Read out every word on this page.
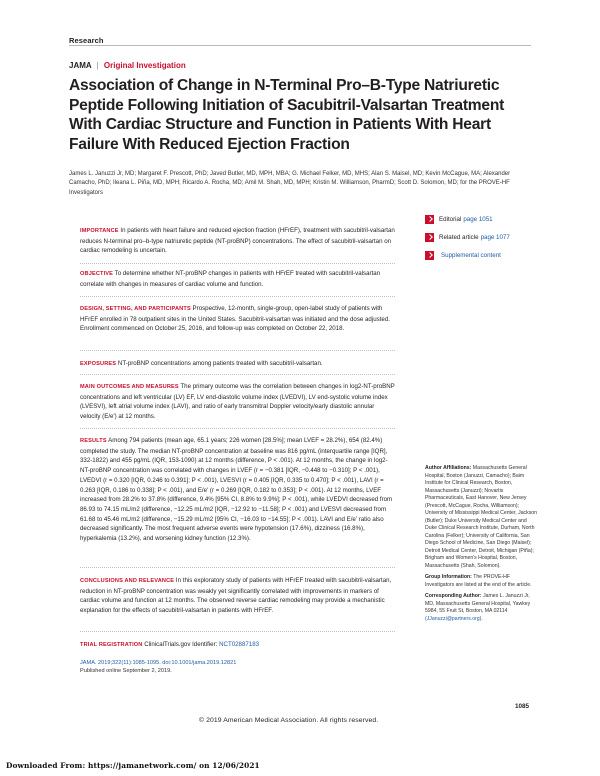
Research
JAMA | Original Investigation
Association of Change in N-Terminal Pro–B-Type Natriuretic Peptide Following Initiation of Sacubitril-Valsartan Treatment With Cardiac Structure and Function in Patients With Heart Failure With Reduced Ejection Fraction
James L. Januzzi Jr, MD; Margaret F. Prescott, PhD; Javed Butler, MD, MPH, MBA; G. Michael Felker, MD, MHS; Alan S. Maisel, MD; Kevin McCague, MA; Alexander Camacho, PhD; Ileana L. Piña, MD, MPH; Ricardo A. Rocha, MD; Amil M. Shah, MD, MPH; Kristin M. Williamson, PharmD; Scott D. Solomon, MD; for the PROVE-HF Investigators
Editorial page 1051
Related article page 1077
Supplemental content
IMPORTANCE In patients with heart failure and reduced ejection fraction (HFrEF), treatment with sacubitril-valsartan reduces N-terminal pro–b-type natriuretic peptide (NT-proBNP) concentrations. The effect of sacubitril-valsartan on cardiac remodeling is uncertain.
OBJECTIVE To determine whether NT-proBNP changes in patients with HFrEF treated with sacubitril-valsartan correlate with changes in measures of cardiac volume and function.
DESIGN, SETTING, AND PARTICIPANTS Prospective, 12-month, single-group, open-label study of patients with HFrEF enrolled in 78 outpatient sites in the United States. Sacubitril-valsartan was initiated and the dose adjusted. Enrollment commenced on October 25, 2016, and follow-up was completed on October 22, 2018.
EXPOSURES NT-proBNP concentrations among patients treated with sacubitril-valsartan.
MAIN OUTCOMES AND MEASURES The primary outcome was the correlation between changes in log2-NT-proBNP concentrations and left ventricular (LV) EF, LV end-diastolic volume index (LVEDVI), LV end-systolic volume index (LVESVI), left atrial volume index (LAVI), and ratio of early transmitral Doppler velocity/early diastolic annular velocity (E/e') at 12 months.
RESULTS Among 794 patients (mean age, 65.1 years; 226 women [28.5%]; mean LVEF = 28.2%), 654 (82.4%) completed the study. The median NT-proBNP concentration at baseline was 816 pg/mL (interquartile range [IQR], 332-1822) and 455 pg/mL (IQR, 153-1090) at 12 months (difference, P < .001). At 12 months, the change in log2-NT-proBNP concentration was correlated with changes in LVEF (r = −0.381 [IQR, −0.448 to −0.310]; P < .001), LVEDVI (r = 0.320 [IQR, 0.246 to 0.391]; P < .001), LVESVI (r = 0.405 [IQR, 0.335 to 0.470]; P < .001), LAVI (r = 0.263 [IQR, 0.186 to 0.338]; P < .001), and E/e' (r = 0.269 [IQR, 0.182 to 0.353]; P < .001). At 12 months, LVEF increased from 28.2% to 37.8% (difference, 9.4% [95% CI, 8.8% to 9.9%]; P < .001), while LVEDVI decreased from 86.93 to 74.15 mL/m2 (difference, −12.25 mL/m2 [IQR, −12.92 to −11.58]; P < .001) and LVESVI decreased from 61.68 to 45.46 mL/m2 (difference, −15.29 mL/m2 [95% CI, −16.03 to −14.55]; P < .001). LAVI and E/e' ratio also decreased significantly. The most frequent adverse events were hypotension (17.6%), dizziness (16.8%), hyperkalemia (13.2%), and worsening kidney function (12.3%).
CONCLUSIONS AND RELEVANCE In this exploratory study of patients with HFrEF treated with sacubitril-valsartan, reduction in NT-proBNP concentration was weakly yet significantly correlated with improvements in markers of cardiac volume and function at 12 months. The observed reverse cardiac remodeling may provide a mechanistic explanation for the effects of sacubitril-valsartan in patients with HFrEF.
TRIAL REGISTRATION ClinicalTrials.gov Identifier: NCT02887183
JAMA. 2019;322(11):1085-1095. doi:10.1001/jama.2019.12821
Published online September 2, 2019.
Author Affiliations: Massachusetts General Hospital, Boston (Januzzi, Camacho); Baim Institute for Clinical Research, Boston, Massachusetts (Januzzi); Novartis Pharmaceuticals, East Hanover, New Jersey (Prescott, McCague, Rocha, Williamson); University of Mississippi Medical Center, Jackson (Butler); Duke University Medical Center and Duke Clinical Research Institute, Durham, North Carolina (Felker); University of California, San Diego School of Medicine, San Diego (Maisel); Detroit Medical Center, Detroit, Michigan (Piña); Brigham and Women's Hospital, Boston, Massachusetts (Shah, Solomon).
Group Information: The PROVE-HF Investigators are listed at the end of the article.
Corresponding Author: James L. Januzzi Jr, MD, Massachusetts General Hospital, Yawkey 5984, 55 Fruit St, Boston, MA 02114 (JJanuzzi@partners.org).
1085
© 2019 American Medical Association. All rights reserved.
Downloaded From: https://jamanetwork.com/ on 12/06/2021
